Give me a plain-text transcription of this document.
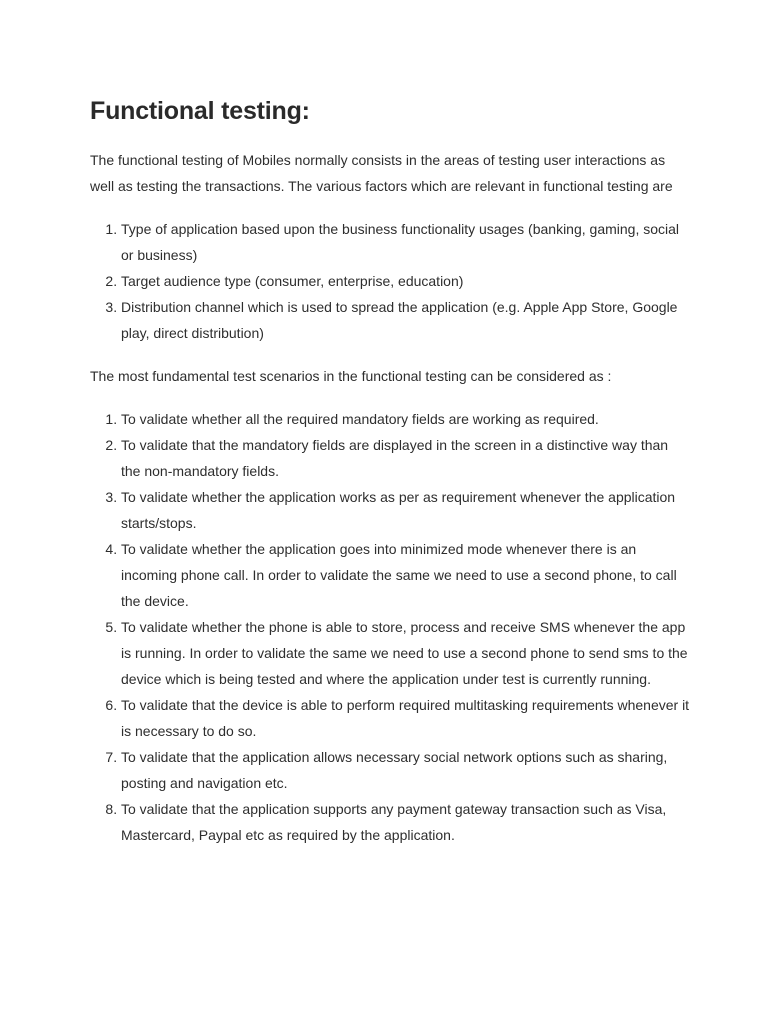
Functional testing:

The functional testing of Mobiles normally consists in the areas of testing user interactions as well as testing the transactions. The various factors which are relevant in functional testing are

1. Type of application based upon the business functionality usages (banking, gaming, social or business)
2. Target audience type (consumer, enterprise, education)
3. Distribution channel which is used to spread the application (e.g. Apple App Store, Google play, direct distribution)

The most fundamental test scenarios in the functional testing can be considered as :

1. To validate whether all the required mandatory fields are working as required.
2. To validate that the mandatory fields are displayed in the screen in a distinctive way than the non-mandatory fields.
3. To validate whether the application works as per as requirement whenever the application starts/stops.
4. To validate whether the application goes into minimized mode whenever there is an incoming phone call. In order to validate the same we need to use a second phone, to call the device.
5. To validate whether the phone is able to store, process and receive SMS whenever the app is running. In order to validate the same we need to use a second phone to send sms to the device which is being tested and where the application under test is currently running.
6. To validate that the device is able to perform required multitasking requirements whenever it is necessary to do so.
7. To validate that the application allows necessary social network options such as sharing, posting and navigation etc.
8. To validate that the application supports any payment gateway transaction such as Visa, Mastercard, Paypal etc as required by the application.
